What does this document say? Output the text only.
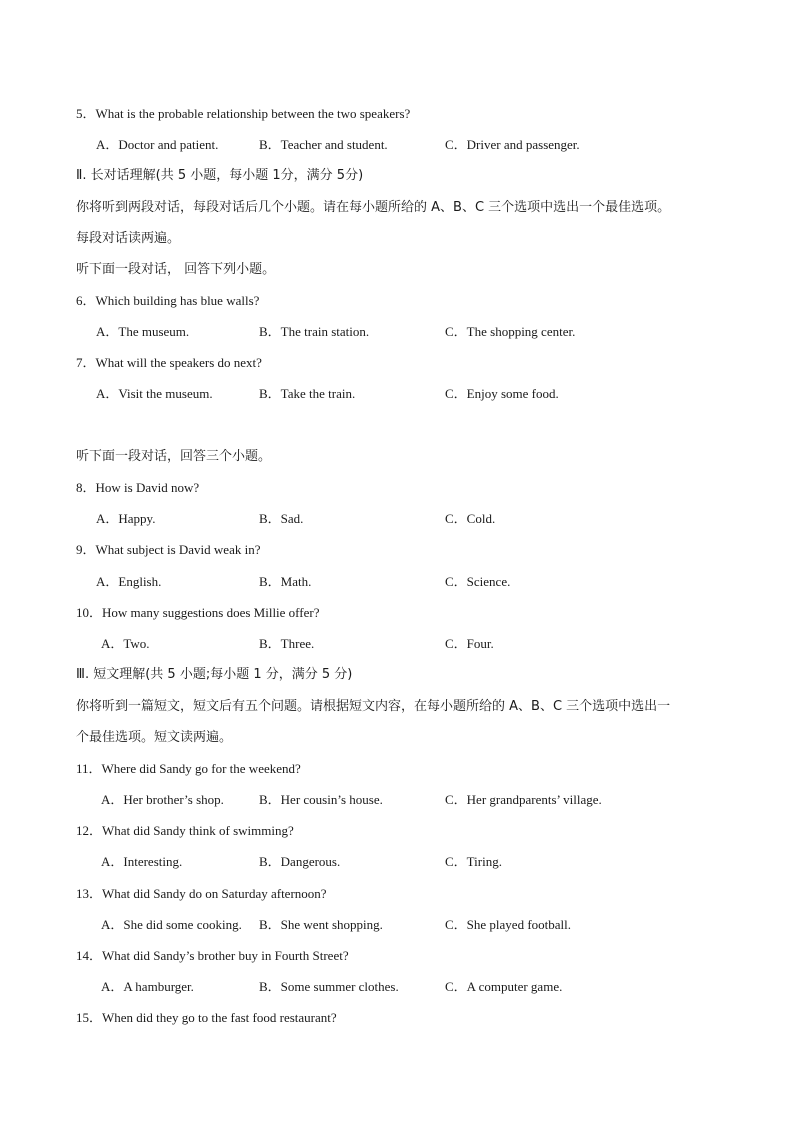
5．What is the probable relationship between the two speakers?
A．Doctor and patient.	B．Teacher and student.	C．Driver and passenger.
Ⅱ. 长对话理解(共 5 小题，每小题 1分，满分 5分)
你将听到两段对话，每段对话后几个小题。请在每小题所给的 A、B、C 三个选项中选出一个最佳选项。
每段对话读两遍。
听下面一段对话， 回答下列小题。
6．Which building has blue walls?
A．The museum.	B．The train station.	C．The shopping center.
7．What will the speakers do next?
A．Visit the museum.	B．Take the train.	C．Enjoy some food.
听下面一段对话，回答三个小题。
8．How is David now?
A．Happy.	B．Sad.	C．Cold.
9．What subject is David weak in?
A．English.	B．Math.	C．Science.
10．How many suggestions does Millie offer?
A．Two.	B．Three.	C．Four.
Ⅲ. 短文理解(共 5 小题;每小题 1 分，满分 5 分)
你将听到一篇短文，短文后有五个问题。请根据短文内容，在每小题所给的 A、B、C 三个选项中选出一
个最佳选项。短文读两遍。
11．Where did Sandy go for the weekend?
A．Her brother’s shop.	B．Her cousin’s house.	C．Her grandparents’ village.
12．What did Sandy think of swimming?
A．Interesting.	B．Dangerous.	C．Tiring.
13．What did Sandy do on Saturday afternoon?
A．She did some cooking. B．She went shopping.	C．She played football.
14．What did Sandy’s brother buy in Fourth Street?
A．A hamburger.	B．Some summer clothes.	C．A computer game.
15．When did they go to the fast food restaurant?
